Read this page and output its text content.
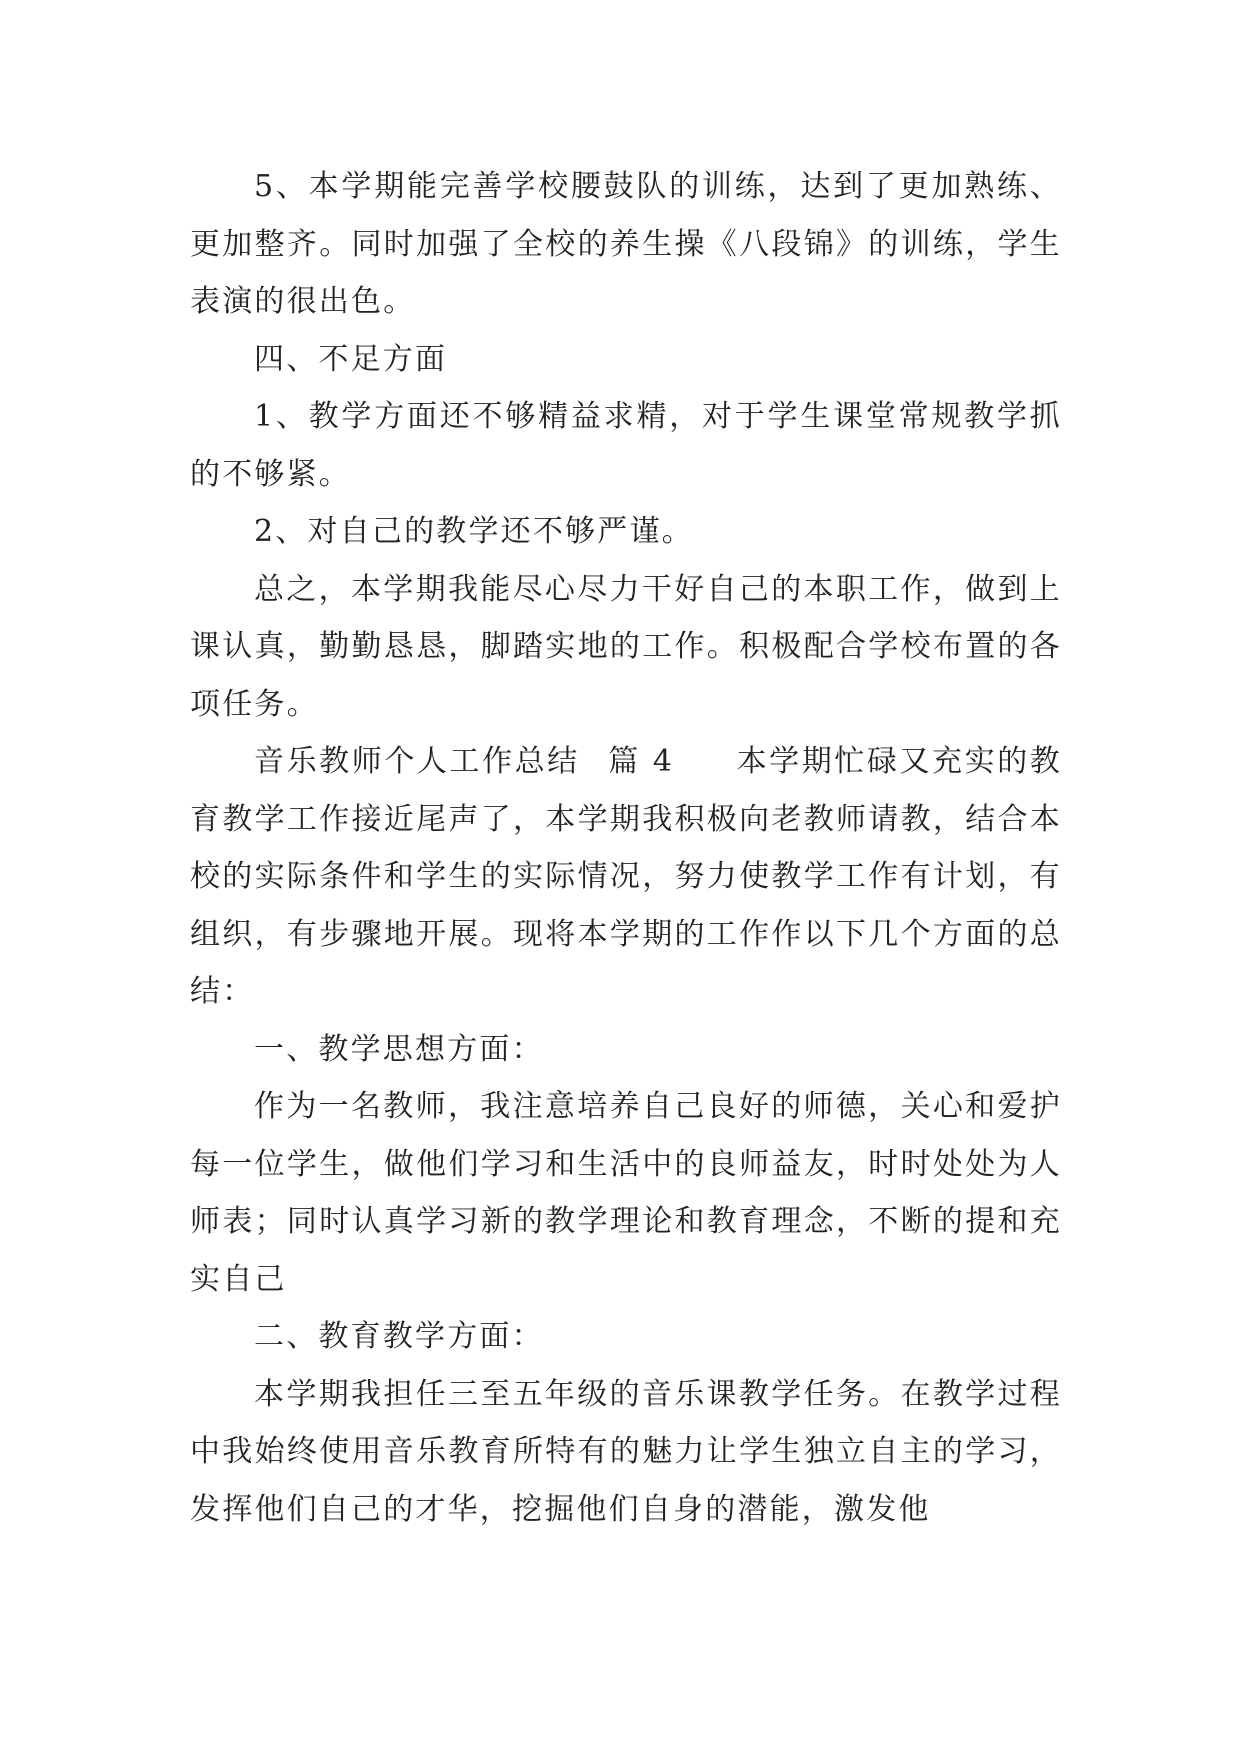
5、本学期能完善学校腰鼓队的训练，达到了更加熟练、更加整齐。同时加强了全校的养生操《八段锦》的训练，学生表演的很出色。

四、不足方面

1、教学方面还不够精益求精，对于学生课堂常规教学抓的不够紧。

2、对自己的教学还不够严谨。

总之，本学期我能尽心尽力干好自己的本职工作，做到上课认真，勤勤恳恳，脚踏实地的工作。积极配合学校布置的各项任务。

音乐教师个人工作总结 篇 4 本学期忙碌又充实的教育教学工作接近尾声了，本学期我积极向老教师请教，结合本校的实际条件和学生的实际情况，努力使教学工作有计划，有组织，有步骤地开展。现将本学期的工作作以下几个方面的总结：

一、教学思想方面：

作为一名教师，我注意培养自己良好的师德，关心和爱护每一位学生，做他们学习和生活中的良师益友，时时处处为人师表；同时认真学习新的教学理论和教育理念，不断的提和充实自己

二、教育教学方面：

本学期我担任三至五年级的音乐课教学任务。在教学过程中我始终使用音乐教育所特有的魅力让学生独立自主的学习，发挥他们自己的才华，挖掘他们自身的潜能，激发他
